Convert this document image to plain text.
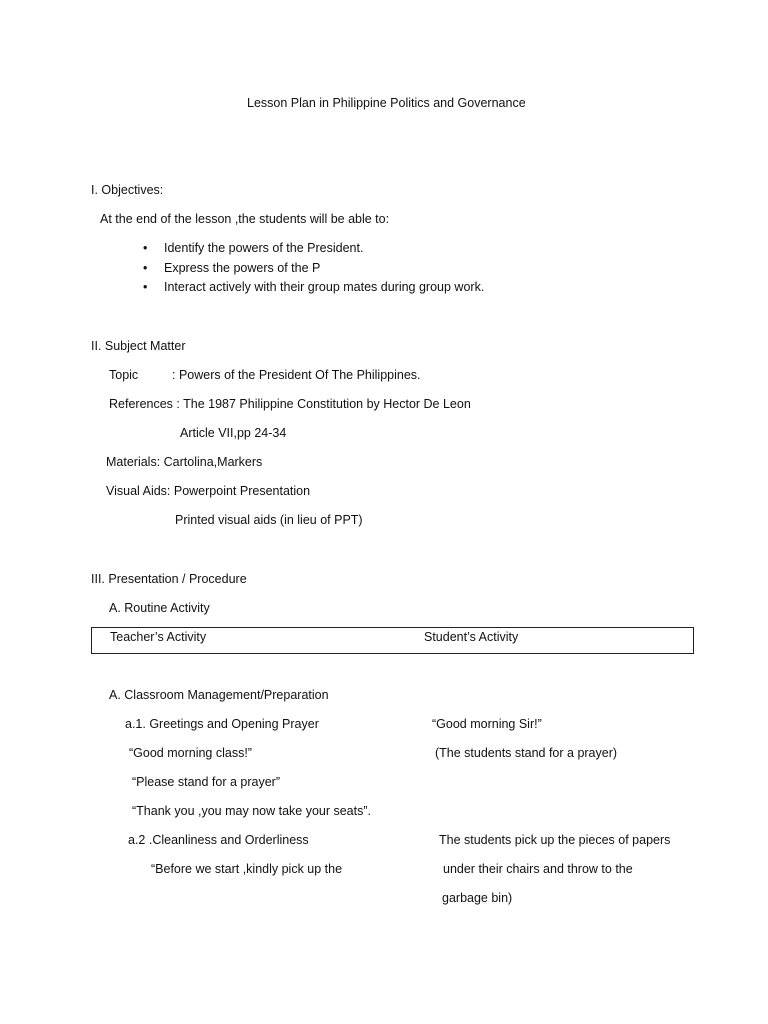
Lesson Plan in Philippine Politics and Governance
I. Objectives:
At the end of the lesson ,the students will be able to:
• Identify the powers of the President.
• Express the powers of the P
• Interact actively with their group mates during group work.
II. Subject Matter
Topic	: Powers of the President Of The Philippines.
References : The 1987 Philippine Constitution by Hector De Leon
Article VII,pp 24-34
Materials: Cartolina,Markers
Visual Aids: Powerpoint Presentation
Printed visual aids (in lieu of PPT)
III. Presentation / Procedure
A. Routine Activity
Teacher’s Activity	Student’s Activity
A. Classroom Management/Preparation
a.1. Greetings and Opening Prayer	“Good morning Sir!”
“Good morning class!”	(The students stand for a prayer)
“Please stand for a prayer”
“Thank you ,you may now take your seats”.
a.2 .Cleanliness and Orderliness	The students pick up the pieces of papers
“Before we start ,kindly pick up the	under their chairs and throw to the
garbage bin)
